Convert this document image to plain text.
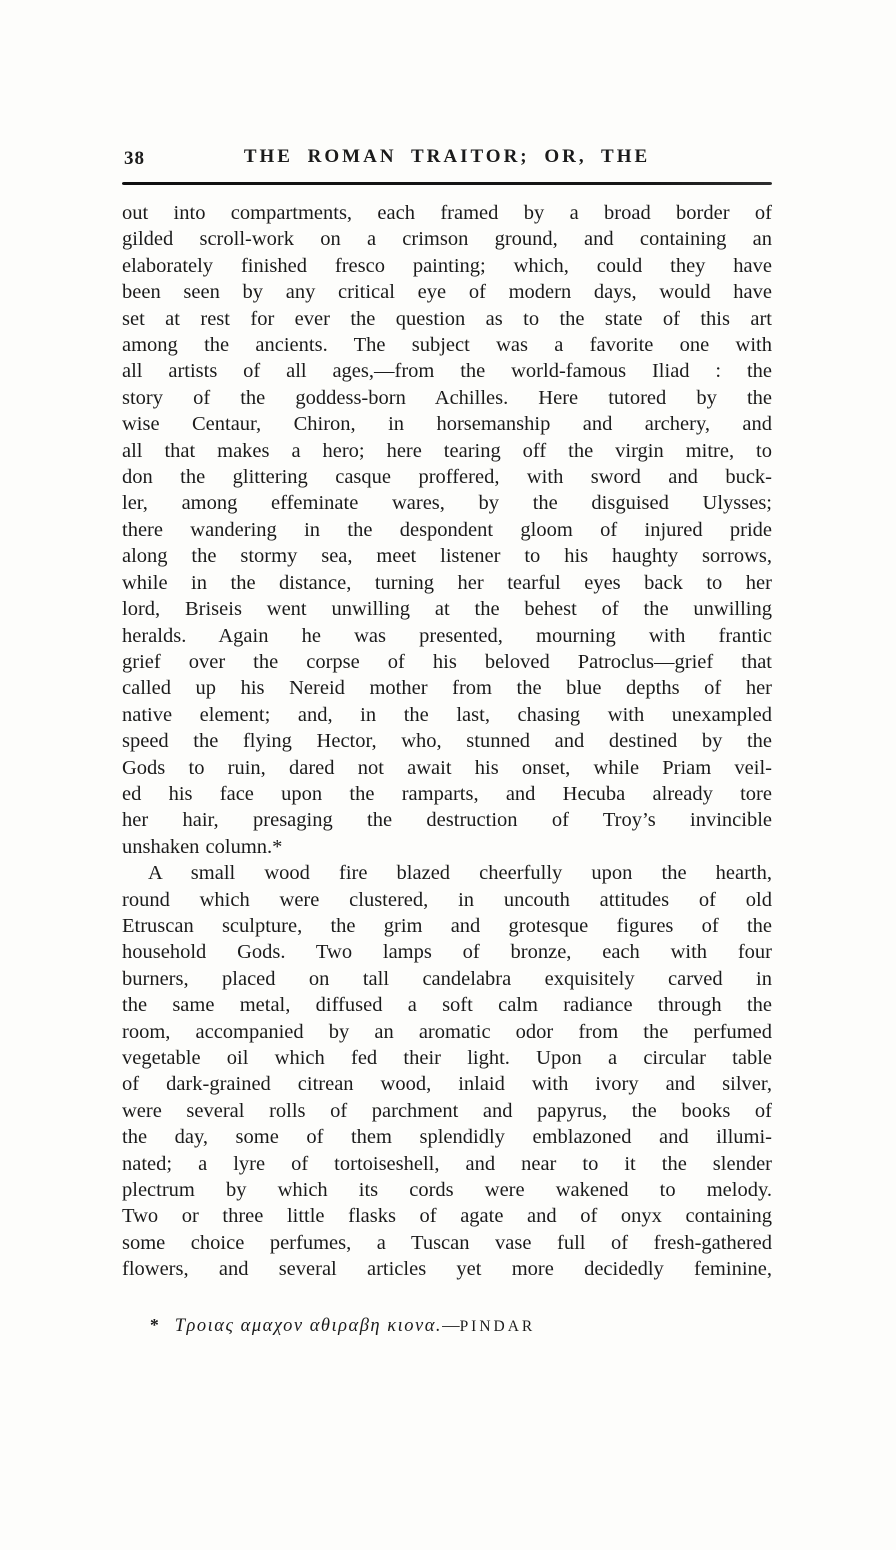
38	THE ROMAN TRAITOR; OR, THE
out into compartments, each framed by a broad border of
gilded scroll-work on a crimson ground, and containing an
elaborately finished fresco painting; which, could they have
been seen by any critical eye of modern days, would have
set at rest for ever the question as to the state of this art
among the ancients. The subject was a favorite one with
all artists of all ages,—from the world-famous Iliad : the
story of the goddess-born Achilles. Here tutored by the
wise Centaur, Chiron, in horsemanship and archery, and
all that makes a hero; here tearing off the virgin mitre, to
don the glittering casque proffered, with sword and buck-
ler, among effeminate wares, by the disguised Ulysses;
there wandering in the despondent gloom of injured pride
along the stormy sea, meet listener to his haughty sorrows,
while in the distance, turning her tearful eyes back to her
lord, Briseis went unwilling at the behest of the unwilling
heralds. Again he was presented, mourning with frantic
grief over the corpse of his beloved Patroclus—grief that
called up his Nereid mother from the blue depths of her
native element; and, in the last, chasing with unexampled
speed the flying Hector, who, stunned and destined by the
Gods to ruin, dared not await his onset, while Priam veil-
ed his face upon the ramparts, and Hecuba already tore
her hair, presaging the destruction of Troy’s invincible
unshaken column.*
A small wood fire blazed cheerfully upon the hearth,
round which were clustered, in uncouth attitudes of old
Etruscan sculpture, the grim and grotesque figures of the
household Gods. Two lamps of bronze, each with four
burners, placed on tall candelabra exquisitely carved in
the same metal, diffused a soft calm radiance through the
room, accompanied by an aromatic odor from the perfumed
vegetable oil which fed their light. Upon a circular table
of dark-grained citrean wood, inlaid with ivory and silver,
were several rolls of parchment and papyrus, the books of
the day, some of them splendidly emblazoned and illumi-
nated; a lyre of tortoiseshell, and near to it the slender
plectrum by which its cords were wakened to melody.
Two or three little flasks of agate and of onyx containing
some choice perfumes, a Tuscan vase full of fresh-gathered
flowers, and several articles yet more decidedly feminine,
* Τροιας αμαχον αθιραβη κιονα.—PINDAR
